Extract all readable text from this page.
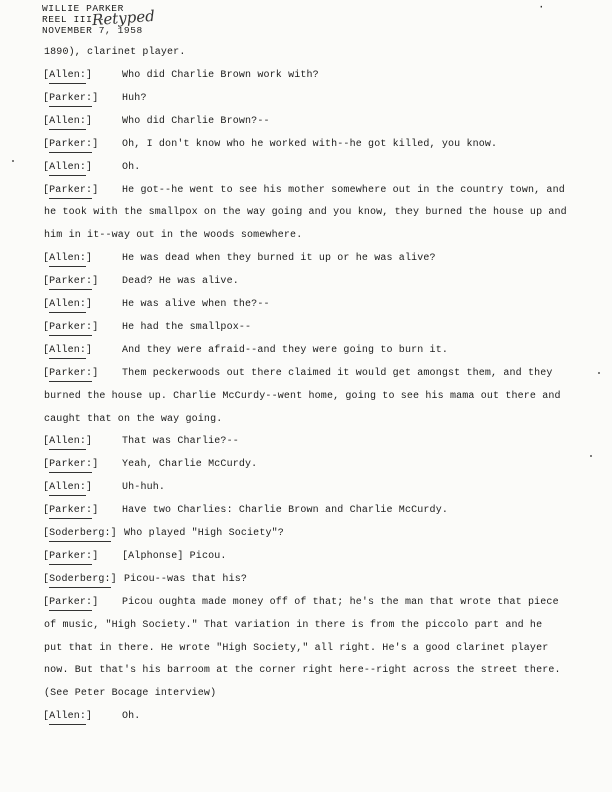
WILLIE PARKER
REEL III--
Retyped	·
NOVEMBER 7, 1958
1890), clarinet player.
[Allen:]	Who did Charlie Brown work with?
[Parker:] Huh?
[Allen:]	Who did Charlie Brown?--
[Parker:] Oh, I don't know who he worked with--he got killed, you know.
[Allen:]	Oh.
[Parker:] He got--he went to see his mother somewhere out in the country town, and
he took with the smallpox on the way going and you know, they burned the house up and
him in it--way out in the woods somewhere.
[Allen:]	He was dead when they burned it up or he was alive?
[Parker:] Dead? He was alive.
[Allen:]	He was alive when the?--
[Parker:] He had the smallpox--
[Allen:]	And they were afraid--and they were going to burn it.
[Parker:] Them peckerwoods out there claimed it would get amongst them, and they
burned the house up. Charlie McCurdy--went home, going to see his mama out there and
caught that on the way going.
[Allen:]	That was Charlie?--
[Parker:] Yeah, Charlie McCurdy.
[Allen:]	Uh-huh.
[Parker:] Have two Charlies: Charlie Brown and Charlie McCurdy.
[Soderberg:] Who played "High Society"?
[Parker:] [Alphonse] Picou.
[Soderberg:] Picou--was that his?
[Parker:] Picou oughta made money off of that; he's the man that wrote that piece
of music, "High Society." That variation in there is from the piccolo part and he
put that in there. He wrote "High Society," all right. He's a good clarinet player
now. But that's his barroom at the corner right here--right across the street there.
(See Peter Bocage interview)
[Allen:]	Oh.
